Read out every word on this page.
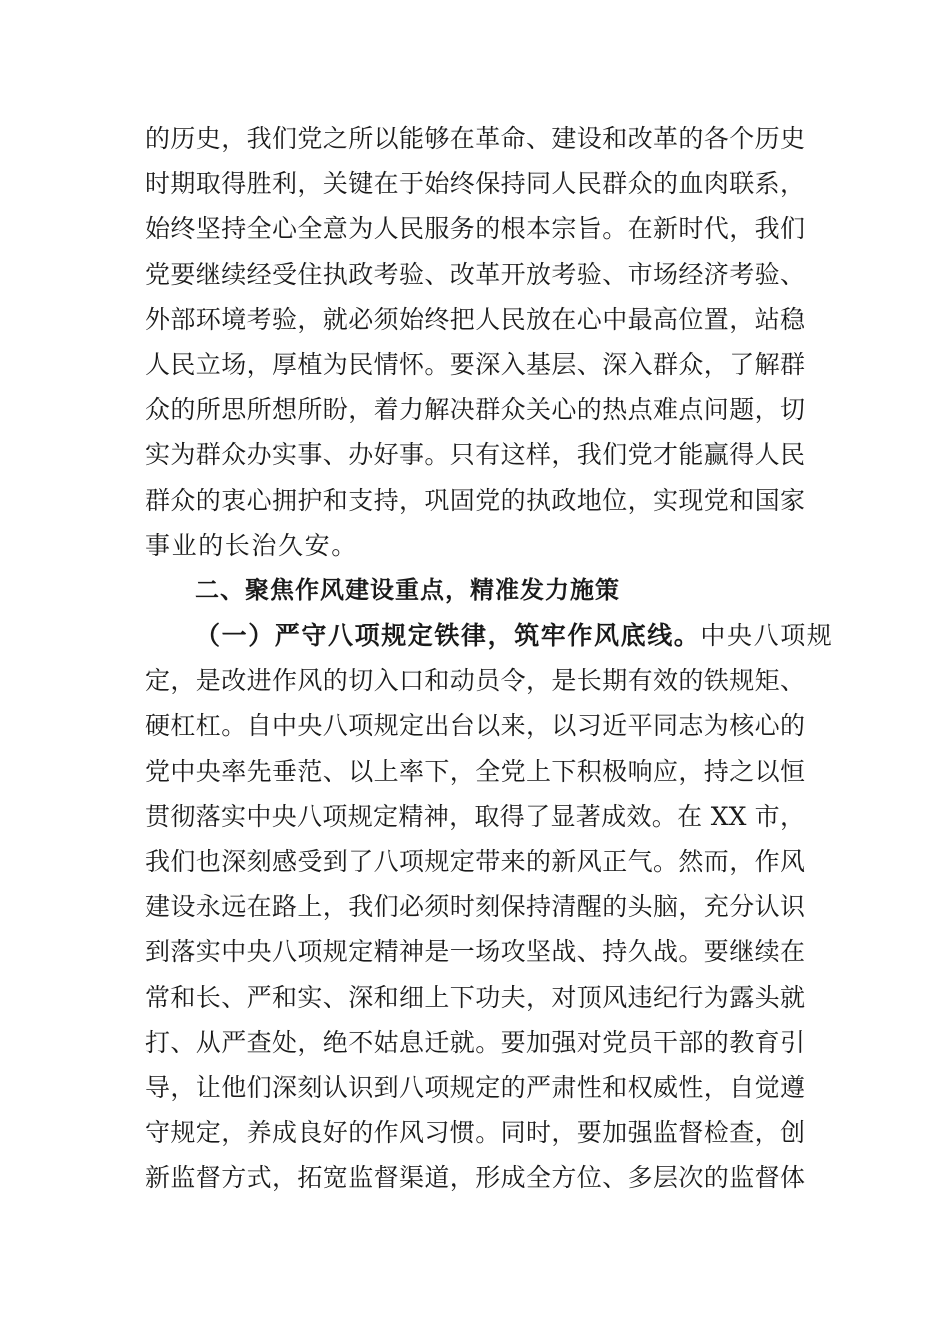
的历史，我们党之所以能够在革命、建设和改革的各个历史
时期取得胜利，关键在于始终保持同人民群众的血肉联系，
始终坚持全心全意为人民服务的根本宗旨。在新时代，我们
党要继续经受住执政考验、改革开放考验、市场经济考验、
外部环境考验，就必须始终把人民放在心中最高位置，站稳
人民立场，厚植为民情怀。要深入基层、深入群众，了解群
众的所思所想所盼，着力解决群众关心的热点难点问题，切
实为群众办实事、办好事。只有这样，我们党才能赢得人民
群众的衷心拥护和支持，巩固党的执政地位，实现党和国家
事业的长治久安。
二、聚焦作风建设重点，精准发力施策
（一）严守八项规定铁律，筑牢作风底线。中央八项规
定，是改进作风的切入口和动员令，是长期有效的铁规矩、
硬杠杠。自中央八项规定出台以来，以习近平同志为核心的
党中央率先垂范、以上率下，全党上下积极响应，持之以恒
贯彻落实中央八项规定精神，取得了显著成效。在 XX 市，
我们也深刻感受到了八项规定带来的新风正气。然而，作风
建设永远在路上，我们必须时刻保持清醒的头脑，充分认识
到落实中央八项规定精神是一场攻坚战、持久战。要继续在
常和长、严和实、深和细上下功夫，对顶风违纪行为露头就
打、从严查处，绝不姑息迁就。要加强对党员干部的教育引
导，让他们深刻认识到八项规定的严肃性和权威性，自觉遵
守规定，养成良好的作风习惯。同时，要加强监督检查，创
新监督方式，拓宽监督渠道，形成全方位、多层次的监督体
